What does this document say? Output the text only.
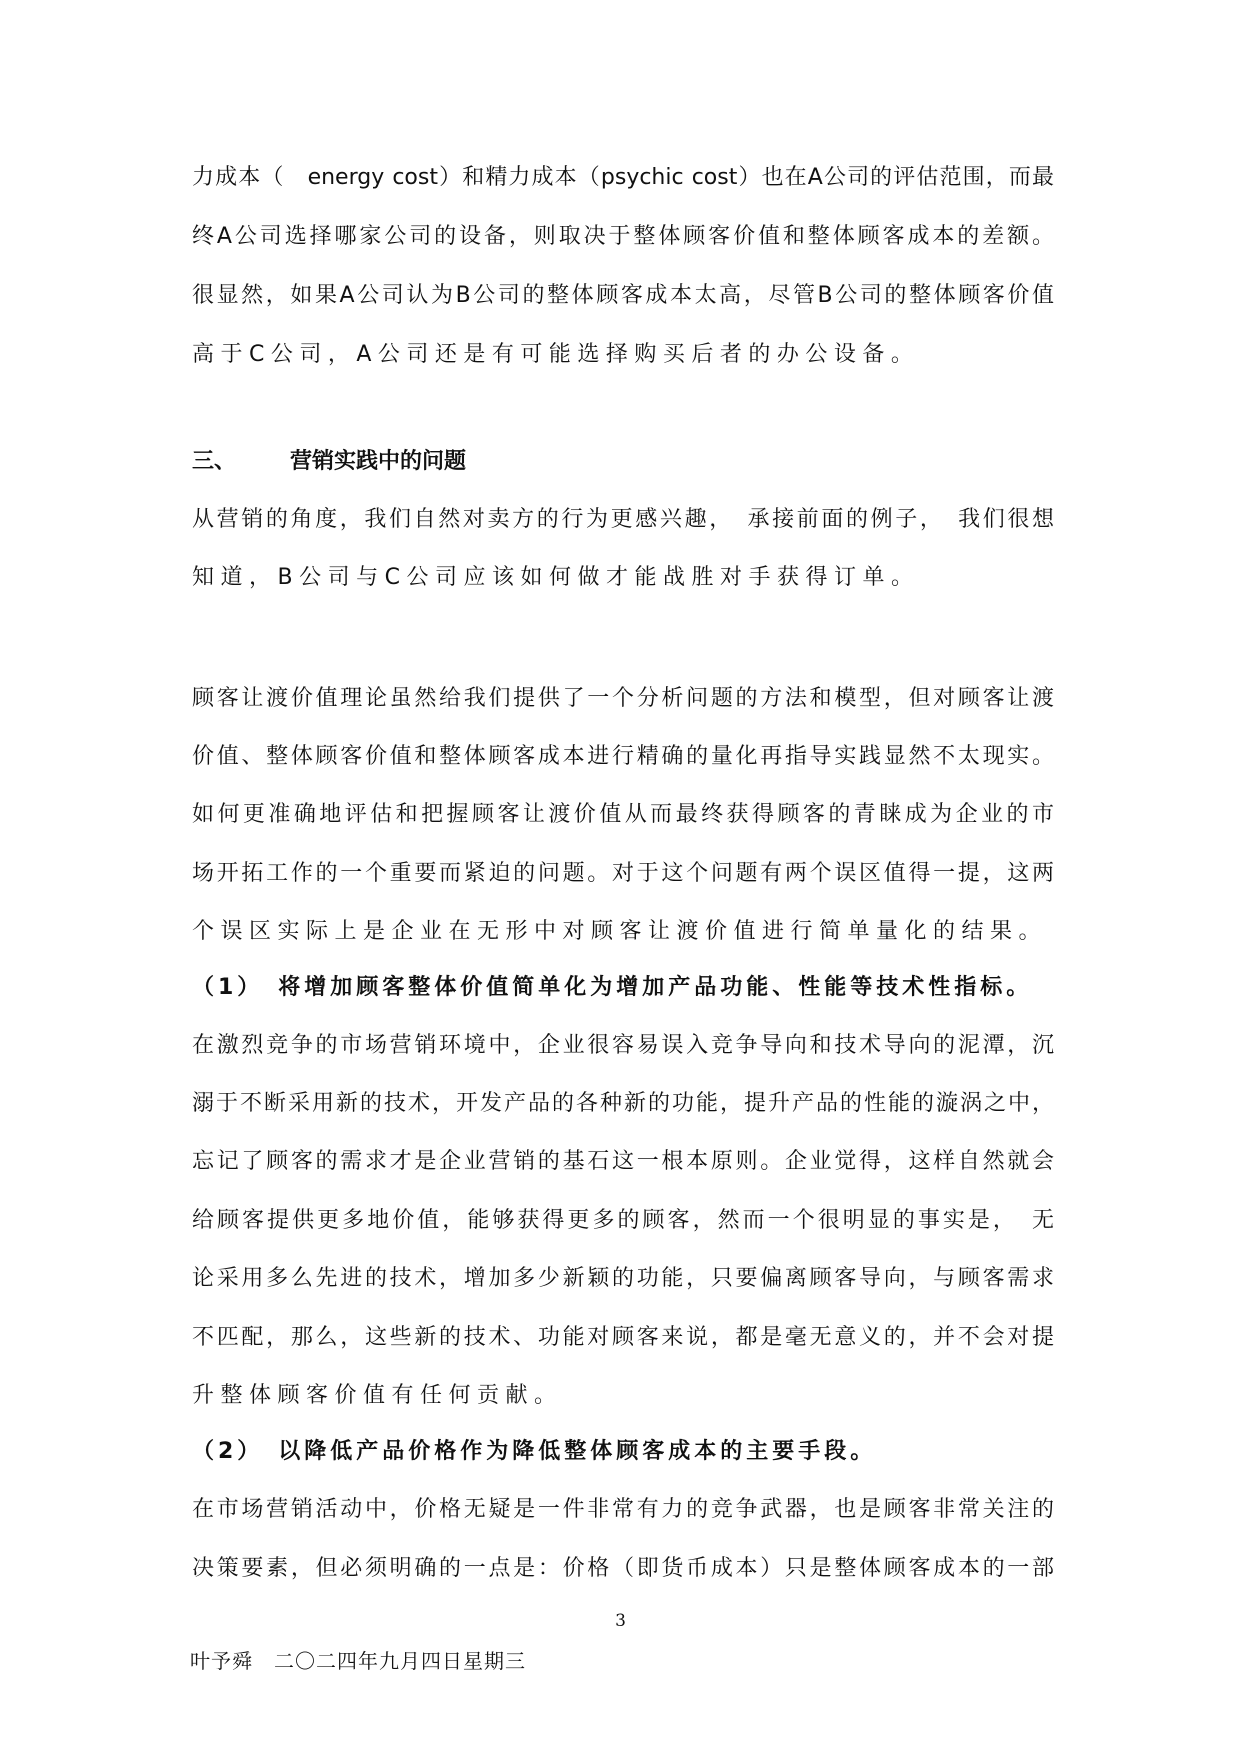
力成本（　energy cost）和精力成本（psychic cost）也在A公司的评估范围，而最
终A公司选择哪家公司的设备，则取决于整体顾客价值和整体顾客成本的差额。
很显然，如果A公司认为B公司的整体顾客成本太高，尽管B公司的整体顾客价值
高于C公司，A公司还是有可能选择购买后者的办公设备。
三、 营销实践中的问题
从营销的角度，我们自然对卖方的行为更感兴趣，　承接前面的例子，　我们很想
知道，B公司与C公司应该如何做才能战胜对手获得订单。
顾客让渡价值理论虽然给我们提供了一个分析问题的方法和模型，但对顾客让渡
价值、整体顾客价值和整体顾客成本进行精确的量化再指导实践显然不太现实。
如何更准确地评估和把握顾客让渡价值从而最终获得顾客的青睐成为企业的市
场开拓工作的一个重要而紧迫的问题。对于这个问题有两个误区值得一提，这两
个误区实际上是企业在无形中对顾客让渡价值进行简单量化的结果。
（1）　将增加顾客整体价值简单化为增加产品功能、性能等技术性指标。
在激烈竞争的市场营销环境中，企业很容易误入竞争导向和技术导向的泥潭，沉
溺于不断采用新的技术，开发产品的各种新的功能，提升产品的性能的漩涡之中，
忘记了顾客的需求才是企业营销的基石这一根本原则。企业觉得，这样自然就会
给顾客提供更多地价值，能够获得更多的顾客，然而一个很明显的事实是，　无
论采用多么先进的技术，增加多少新颖的功能，只要偏离顾客导向，与顾客需求
不匹配，那么，这些新的技术、功能对顾客来说，都是毫无意义的，并不会对提
升整体顾客价值有任何贡献。
（2）　以降低产品价格作为降低整体顾客成本的主要手段。
在市场营销活动中，价格无疑是一件非常有力的竞争武器，也是顾客非常关注的
决策要素，但必须明确的一点是：价格（即货币成本）只是整体顾客成本的一部
3
叶予舜　二〇二四年九月四日星期三
